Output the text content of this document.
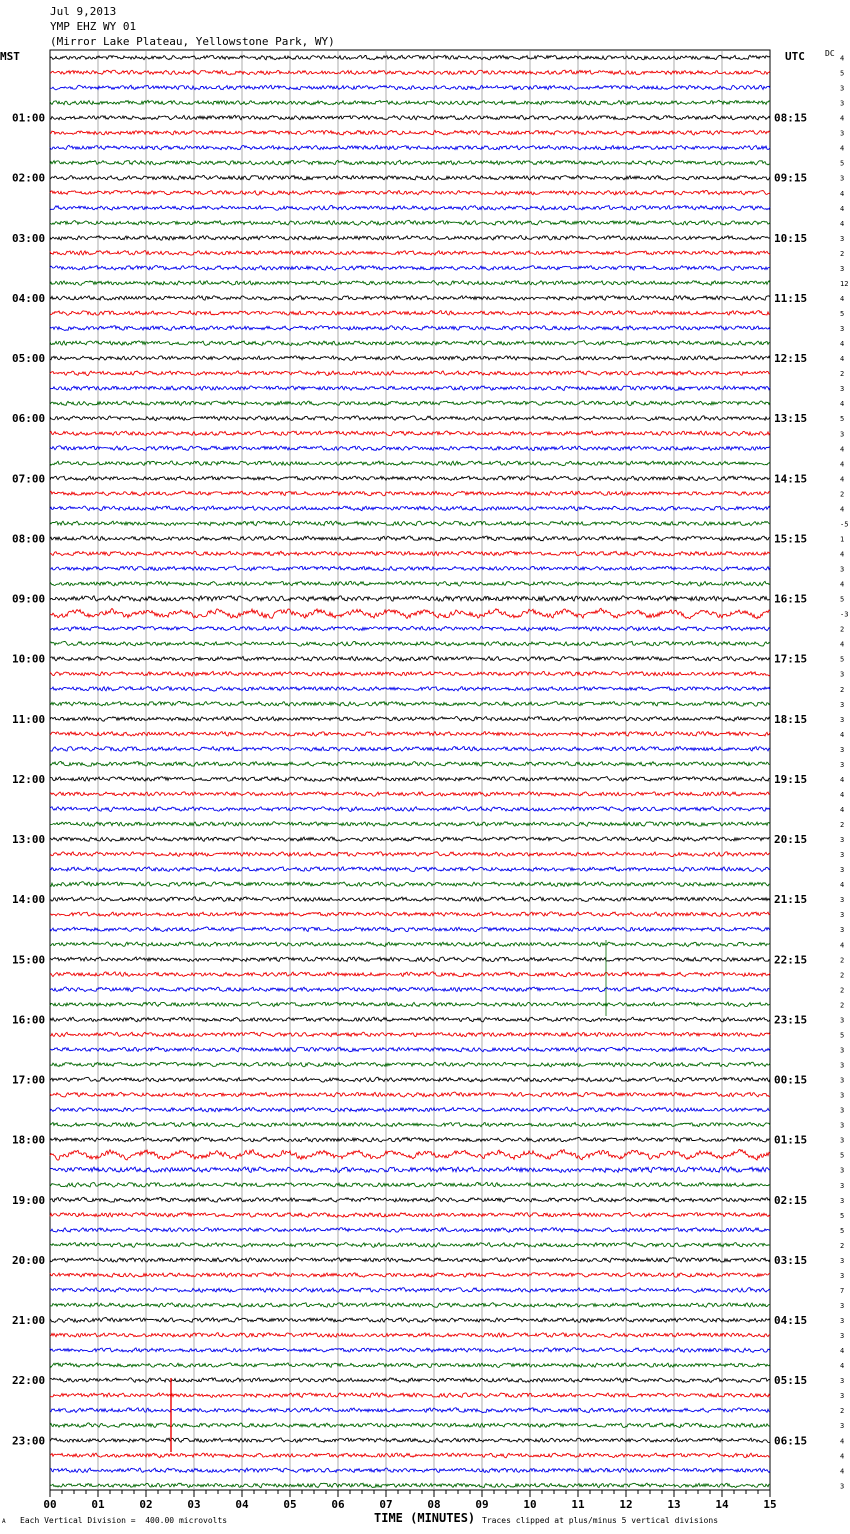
Jul 9,2013
YMP EHZ WY 01
(Mirror Lake Plateau, Yellowstone Park, WY)
MST	UTC	DC
4
5
3
3
4
3
4
5
3
4
4
4
3
2
3
12
4
5
3
4
4
2
3
4
5
3
4
4
4
2
4
-5
1
4
3
4
5
-3
2
4
5
3
2
3
3
4
3
3
4
4
4
2
3
3
3
4
3
3
3
4
2
2
2
2
3
5
3
3
3
3
3
3
3
5
3
3
3
5
5
2
3
3
7
3
3
3
4
4
3
3
2
3
4
4
4
3
01:00
02:00
03:00
04:00
05:00
06:00
07:00
08:00
09:00
10:00
11:00
12:00
13:00
14:00
15:00
16:00
17:00
18:00
19:00
20:00
21:00
22:00
23:00
08:15
09:15
10:15
11:15
12:15
13:15
14:15
15:15
16:15
17:15
18:15
19:15
20:15
21:15
22:15
23:15
00:15
01:15
02:15
03:15
04:15
05:15
06:15
00	01	02	03	04	05	06	07	08	09	10	11	12	13	14	15
TIME (MINUTES)
Each Vertical Division =  400.00 microvolts	Traces clipped at plus/minus 5 vertical divisions
A
